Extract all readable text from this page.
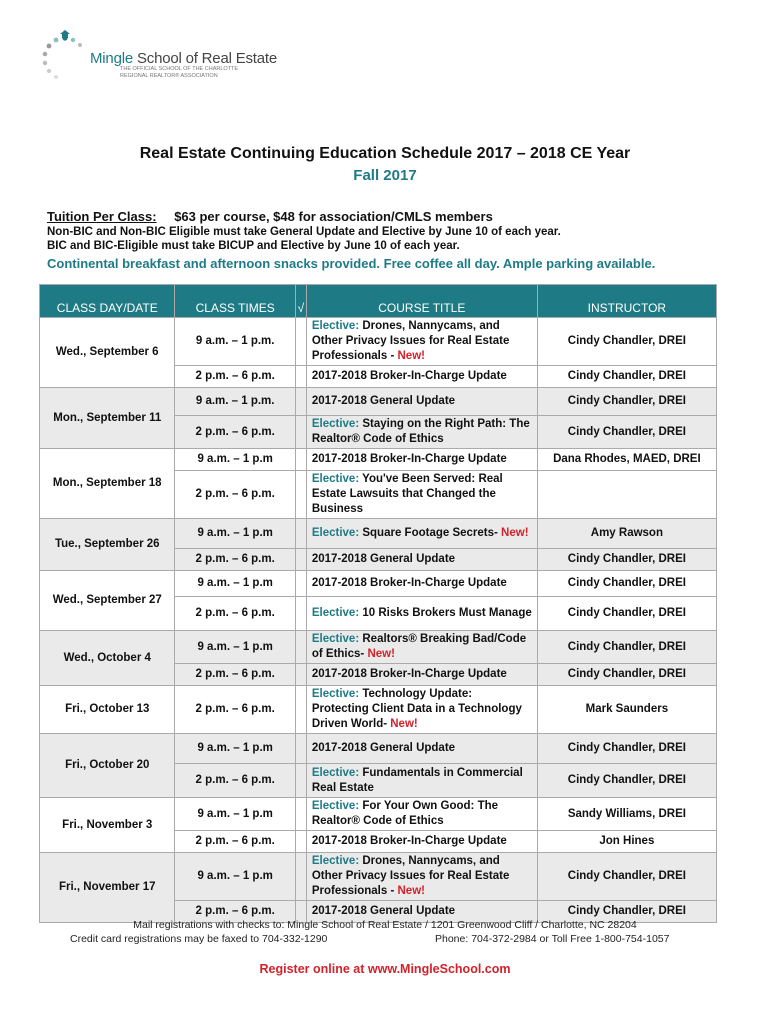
Mingle School of Real Estate
THE OFFICIAL SCHOOL OF THE CHARLOTTE REGIONAL REALTOR® ASSOCIATION
Real Estate Continuing Education Schedule 2017 – 2018 CE Year
Fall 2017
Tuition Per Class: $63 per course, $48 for association/CMLS members
Non-BIC and Non-BIC Eligible must take General Update and Elective by June 10 of each year.
BIC and BIC-Eligible must take BICUP and Elective by June 10 of each year.
Continental breakfast and afternoon snacks provided. Free coffee all day. Ample parking available.
CLASS DAY/DATE	CLASS TIMES	√	COURSE TITLE	INSTRUCTOR
Wed., September 6	9 a.m. – 1 p.m.		Elective: Drones, Nannycams, and Other Privacy Issues for Real Estate Professionals - New!	Cindy Chandler, DREI
	2 p.m. – 6 p.m.		2017-2018 Broker-In-Charge Update	Cindy Chandler, DREI
Mon., September 11	9 a.m. – 1 p.m.		2017-2018 General Update	Cindy Chandler, DREI
	2 p.m. – 6 p.m.		Elective: Staying on the Right Path: The Realtor® Code of Ethics	Cindy Chandler, DREI
Mon., September 18	9 a.m. – 1 p.m		2017-2018 Broker-In-Charge Update	Dana Rhodes, MAED, DREI
	2 p.m. – 6 p.m.		Elective: You've Been Served: Real Estate Lawsuits that Changed the Business	
Tue., September 26	9 a.m. – 1 p.m		Elective: Square Footage Secrets- New!	Amy Rawson
	2 p.m. – 6 p.m.		2017-2018 General Update	Cindy Chandler, DREI
Wed., September 27	9 a.m. – 1 p.m		2017-2018 Broker-In-Charge Update	Cindy Chandler, DREI
	2 p.m. – 6 p.m.		Elective: 10 Risks Brokers Must Manage	Cindy Chandler, DREI
Wed., October 4	9 a.m. – 1 p.m		Elective: Realtors® Breaking Bad/Code of Ethics- New!	Cindy Chandler, DREI
	2 p.m. – 6 p.m.		2017-2018 Broker-In-Charge Update	Cindy Chandler, DREI
Fri., October 13	2 p.m. – 6 p.m.		Elective: Technology Update: Protecting Client Data in a Technology Driven World- New!	Mark Saunders
Fri., October 20	9 a.m. – 1 p.m		2017-2018 General Update	Cindy Chandler, DREI
	2 p.m. – 6 p.m.		Elective: Fundamentals in Commercial Real Estate	Cindy Chandler, DREI
Fri., November 3	9 a.m. – 1 p.m		Elective: For Your Own Good: The Realtor® Code of Ethics	Sandy Williams, DREI
	2 p.m. – 6 p.m.		2017-2018 Broker-In-Charge Update	Jon Hines
Fri., November 17	9 a.m. – 1 p.m		Elective: Drones, Nannycams, and Other Privacy Issues for Real Estate Professionals - New!	Cindy Chandler, DREI
	2 p.m. – 6 p.m.		2017-2018 General Update	Cindy Chandler, DREI
Mail registrations with checks to: Mingle School of Real Estate / 1201 Greenwood Cliff / Charlotte, NC 28204
Credit card registrations may be faxed to 704-332-1290	Phone: 704-372-2984 or Toll Free 1-800-754-1057
Register online at www.MingleSchool.com
